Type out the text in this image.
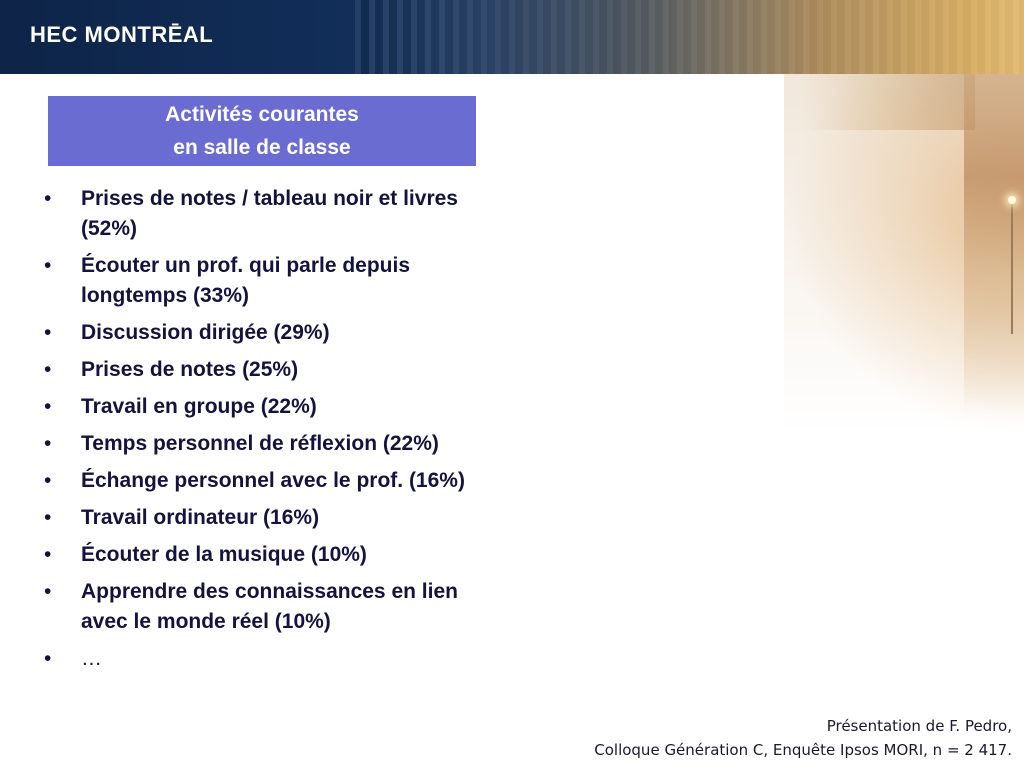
HEC MONTRĒAL
Activités courantes
en salle de classe
• Prises de notes / tableau noir et livres (52%)
• Écouter un prof. qui parle depuis longtemps (33%)
• Discussion dirigée (29%)
• Prises de notes (25%)
• Travail en groupe (22%)
• Temps personnel de réflexion (22%)
• Échange personnel avec le prof. (16%)
• Travail ordinateur (16%)
• Écouter de la musique (10%)
• Apprendre des connaissances en lien avec le monde réel (10%)
• …
Présentation de F. Pedro,
Colloque Génération C, Enquête Ipsos MORI, n = 2 417.
